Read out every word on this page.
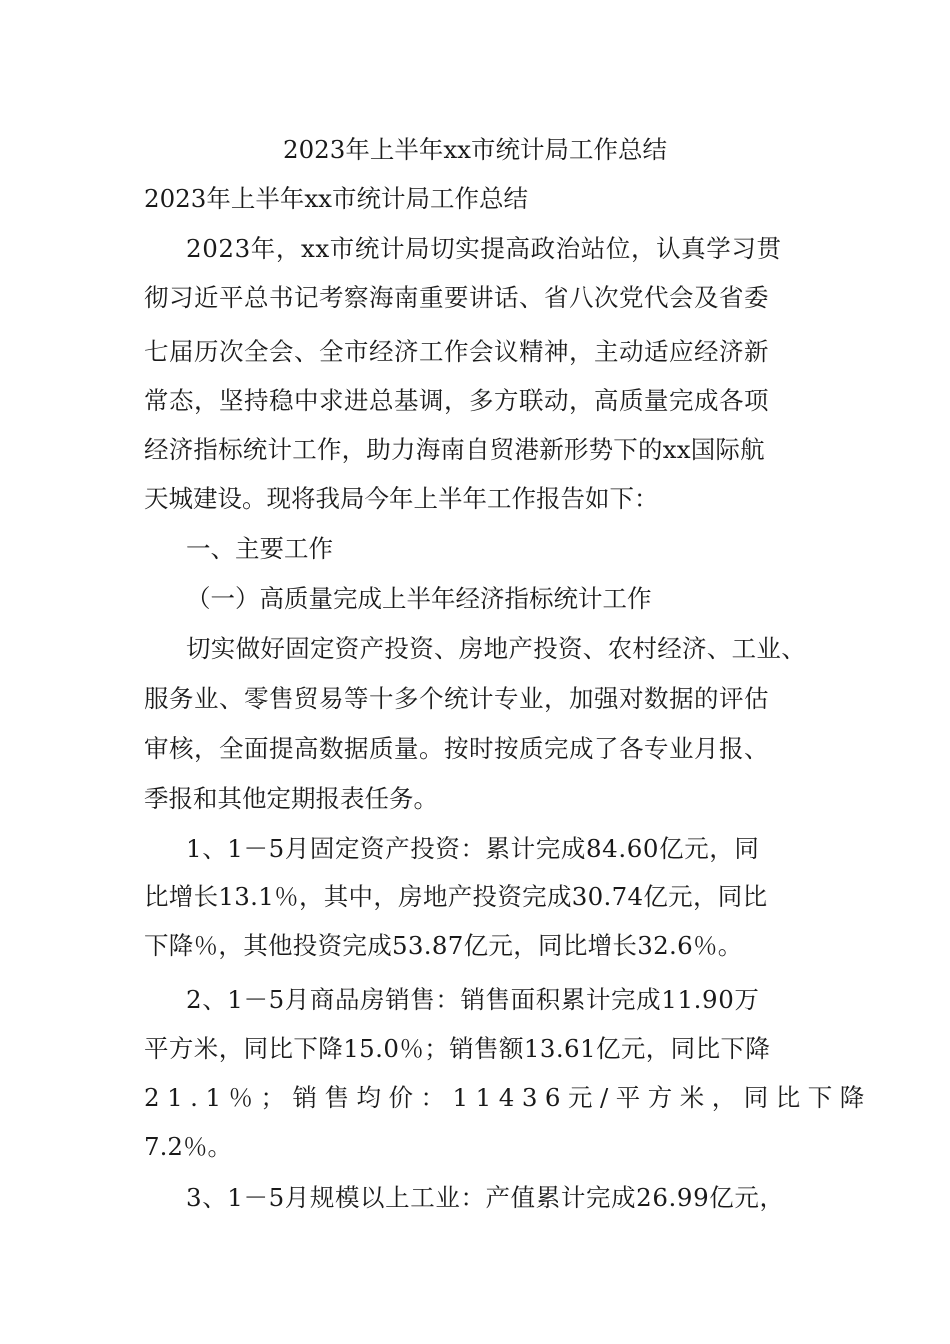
2023年上半年xx市统计局工作总结
2023年上半年xx市统计局工作总结
2023年，xx市统计局切实提高政治站位，认真学习贯
彻习近平总书记考察海南重要讲话、省八次党代会及省委
七届历次全会、全市经济工作会议精神，主动适应经济新
常态，坚持稳中求进总基调，多方联动，高质量完成各项
经济指标统计工作，助力海南自贸港新形势下的xx国际航
天城建设。现将我局今年上半年工作报告如下：
一、主要工作
（一）高质量完成上半年经济指标统计工作
切实做好固定资产投资、房地产投资、农村经济、工业、
服务业、零售贸易等十多个统计专业，加强对数据的评估
审核，全面提高数据质量。按时按质完成了各专业月报、
季报和其他定期报表任务。
1、1－5月固定资产投资：累计完成84.60亿元，同
比增长13.1％，其中，房地产投资完成30.74亿元，同比
下降％，其他投资完成53.87亿元，同比增长32.6％。
2、1－5月商品房销售：销售面积累计完成11.90万
平方米，同比下降15.0％；销售额13.61亿元，同比下降
21.1％；销售均价：11436元/平方米，同比下降
7.2％。
3、1－5月规模以上工业：产值累计完成26.99亿元，
